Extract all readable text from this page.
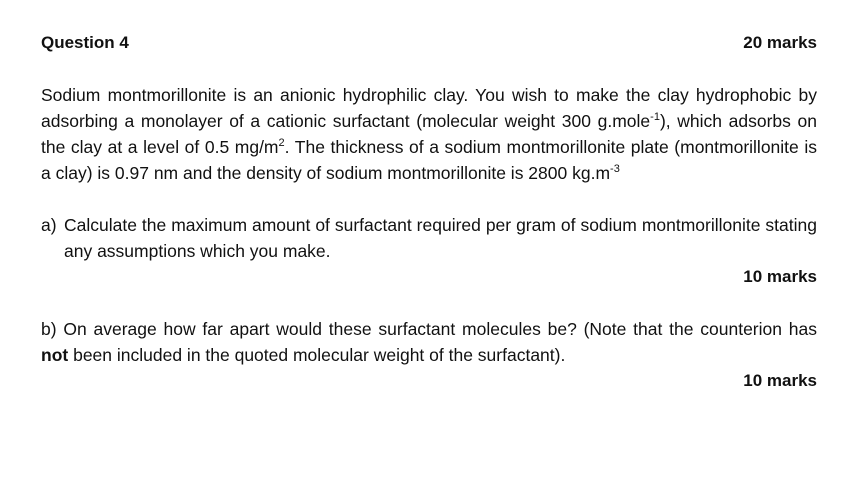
Question 4	20 marks
Sodium montmorillonite is an anionic hydrophilic clay. You wish to make the clay hydrophobic by adsorbing a monolayer of a cationic surfactant (molecular weight 300 g.mole$^{-1}$), which adsorbs on the clay at a level of 0.5 $mg/m^2$. The thickness of a sodium montmorillonite plate (montmorillonite is a clay) is 0.97 nm and the density of sodium montmorillonite is 2800 $kg.m^{-3}$
a) Calculate the maximum amount of surfactant required per gram of sodium montmorillonite stating any assumptions which you make.
10 marks
b) On average how far apart would these surfactant molecules be? (Note that the counterion has not been included in the quoted molecular weight of the surfactant).
10 marks
